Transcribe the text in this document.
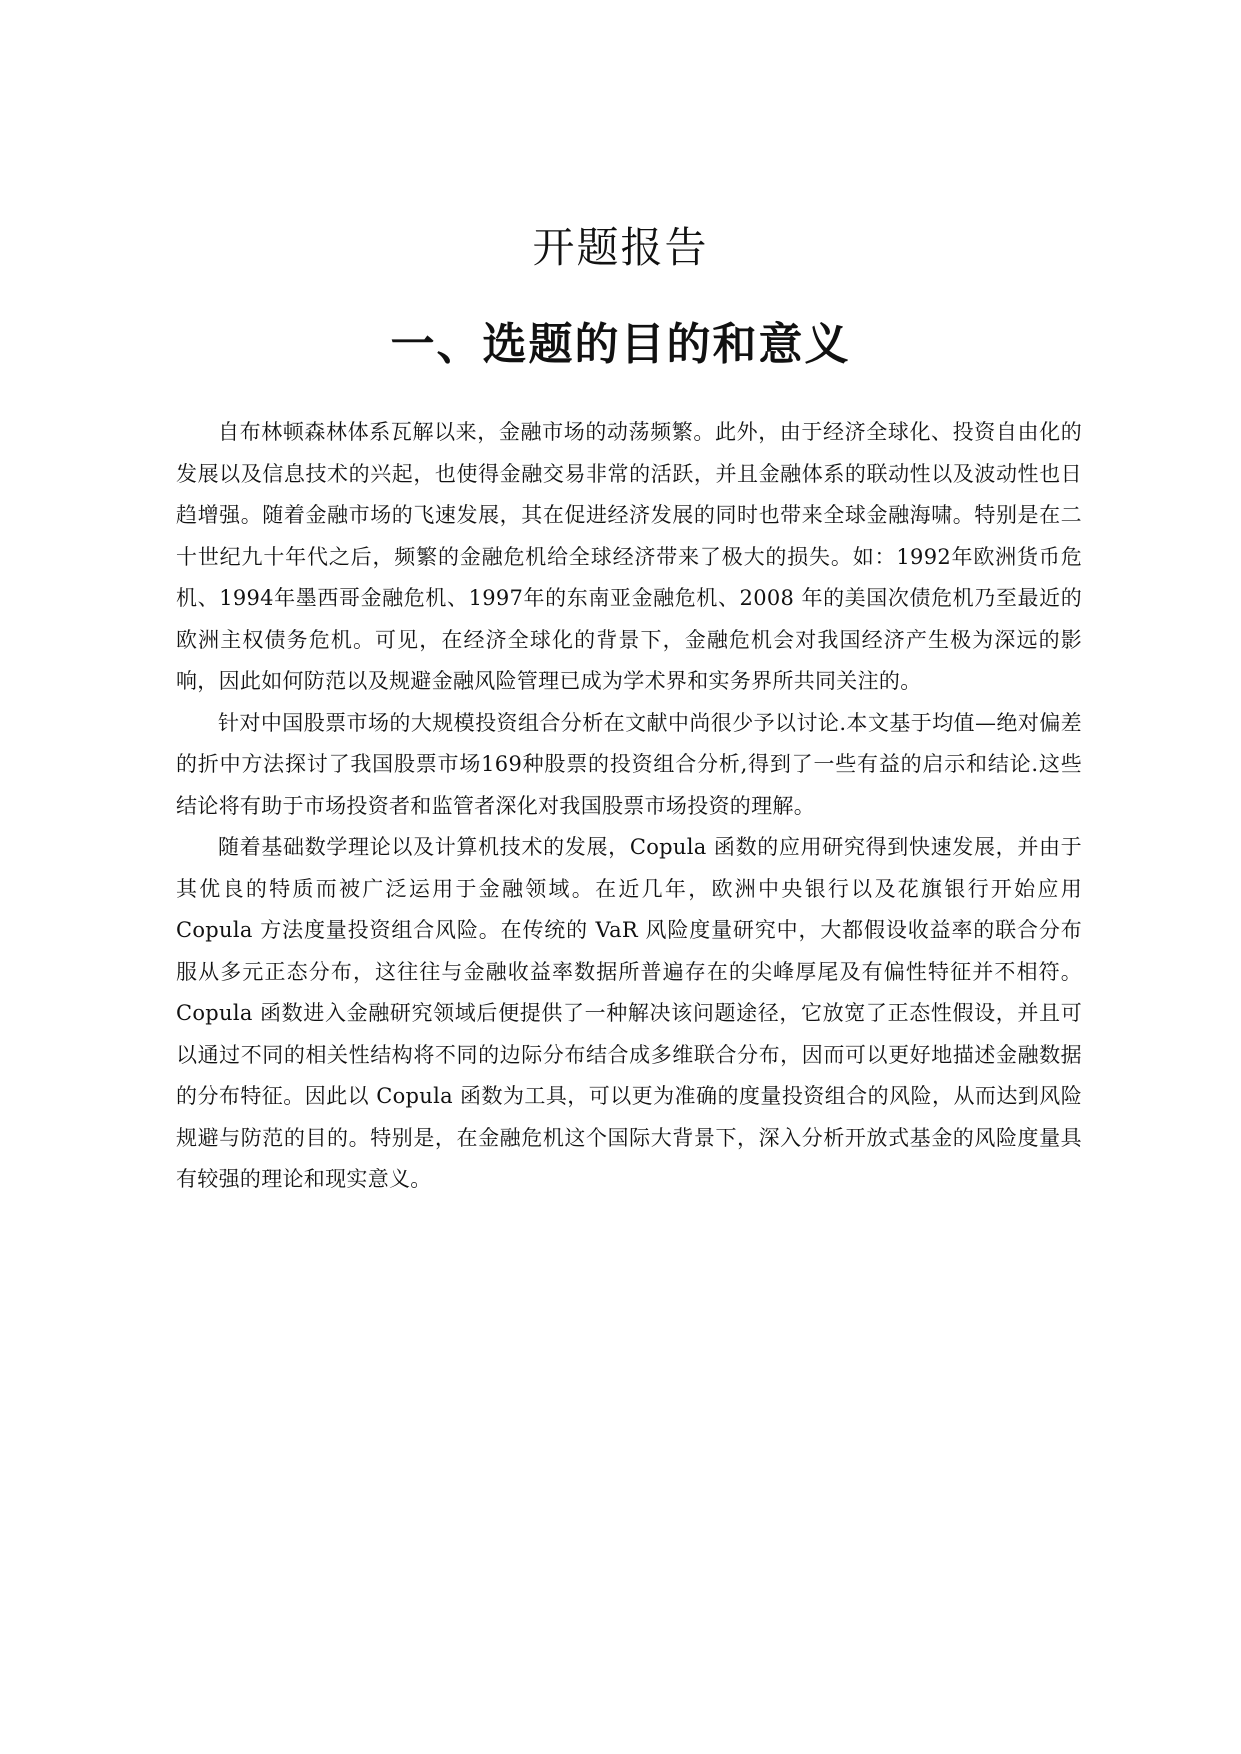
开题报告
一、选题的目的和意义

自布林顿森林体系瓦解以来，金融市场的动荡频繁。此外，由于经济全球化、投资自由化的发展以及信息技术的兴起，也使得金融交易非常的活跃，并且金融体系的联动性以及波动性也日趋增强。随着金融市场的飞速发展，其在促进经济发展的同时也带来全球金融海啸。特别是在二十世纪九十年代之后，频繁的金融危机给全球经济带来了极大的损失。如：1992年欧洲货币危机、1994年墨西哥金融危机、1997年的东南亚金融危机、2008 年的美国次债危机乃至最近的欧洲主权债务危机。可见，在经济全球化的背景下，金融危机会对我国经济产生极为深远的影响，因此如何防范以及规避金融风险管理已成为学术界和实务界所共同关注的。

针对中国股票市场的大规模投资组合分析在文献中尚很少予以讨论.本文基于均值—绝对偏差的折中方法探讨了我国股票市场169种股票的投资组合分析,得到了一些有益的启示和结论.这些结论将有助于市场投资者和监管者深化对我国股票市场投资的理解。

随着基础数学理论以及计算机技术的发展，Copula 函数的应用研究得到快速发展，并由于其优良的特质而被广泛运用于金融领域。在近几年，欧洲中央银行以及花旗银行开始应用 Copula 方法度量投资组合风险。在传统的 VaR 风险度量研究中，大都假设收益率的联合分布服从多元正态分布，这往往与金融收益率数据所普遍存在的尖峰厚尾及有偏性特征并不相符。Copula 函数进入金融研究领域后便提供了一种解决该问题途径，它放宽了正态性假设，并且可以通过不同的相关性结构将不同的边际分布结合成多维联合分布，因而可以更好地描述金融数据的分布特征。因此以 Copula 函数为工具，可以更为准确的度量投资组合的风险，从而达到风险规避与防范的目的。特别是，在金融危机这个国际大背景下，深入分析开放式基金的风险度量具有较强的理论和现实意义。
